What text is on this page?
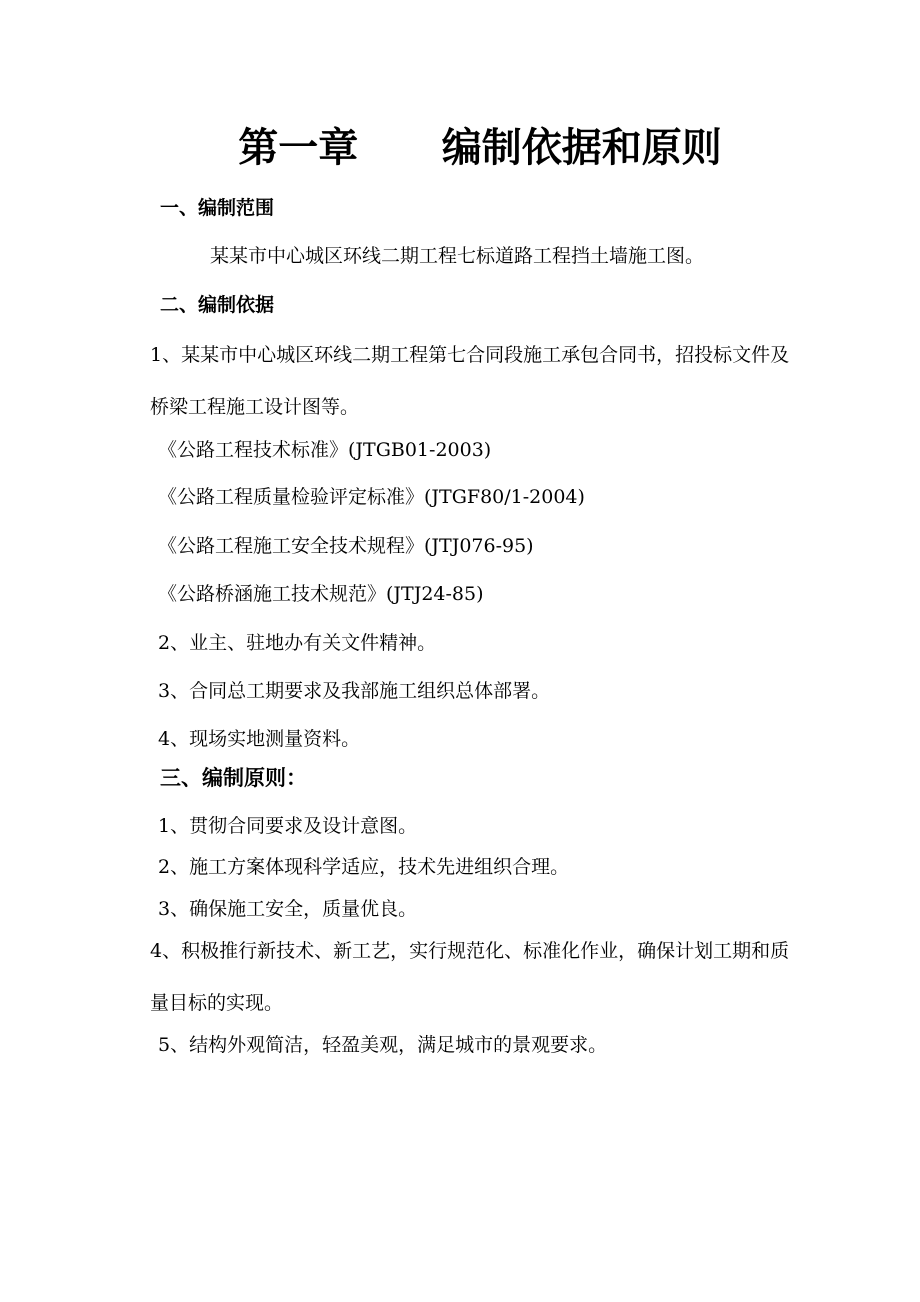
第一章      编制依据和原则
一、编制范围

某某市中心城区环线二期工程七标道路工程挡土墙施工图。

二、编制依据

1、某某市中心城区环线二期工程第七合同段施工承包合同书，招投标文件及桥梁工程施工设计图等。

《公路工程技术标准》(JTGB01-2003)

《公路工程质量检验评定标准》(JTGF80/1-2004)

《公路工程施工安全技术规程》(JTJ076-95)

《公路桥涵施工技术规范》(JTJ24-85)

2、业主、驻地办有关文件精神。

3、合同总工期要求及我部施工组织总体部署。

4、现场实地测量资料。

三、编制原则：

1、贯彻合同要求及设计意图。

2、施工方案体现科学适应，技术先进组织合理。

3、确保施工安全，质量优良。

4、积极推行新技术、新工艺，实行规范化、标准化作业，确保计划工期和质量目标的实现。

5、结构外观简洁，轻盈美观，满足城市的景观要求。
